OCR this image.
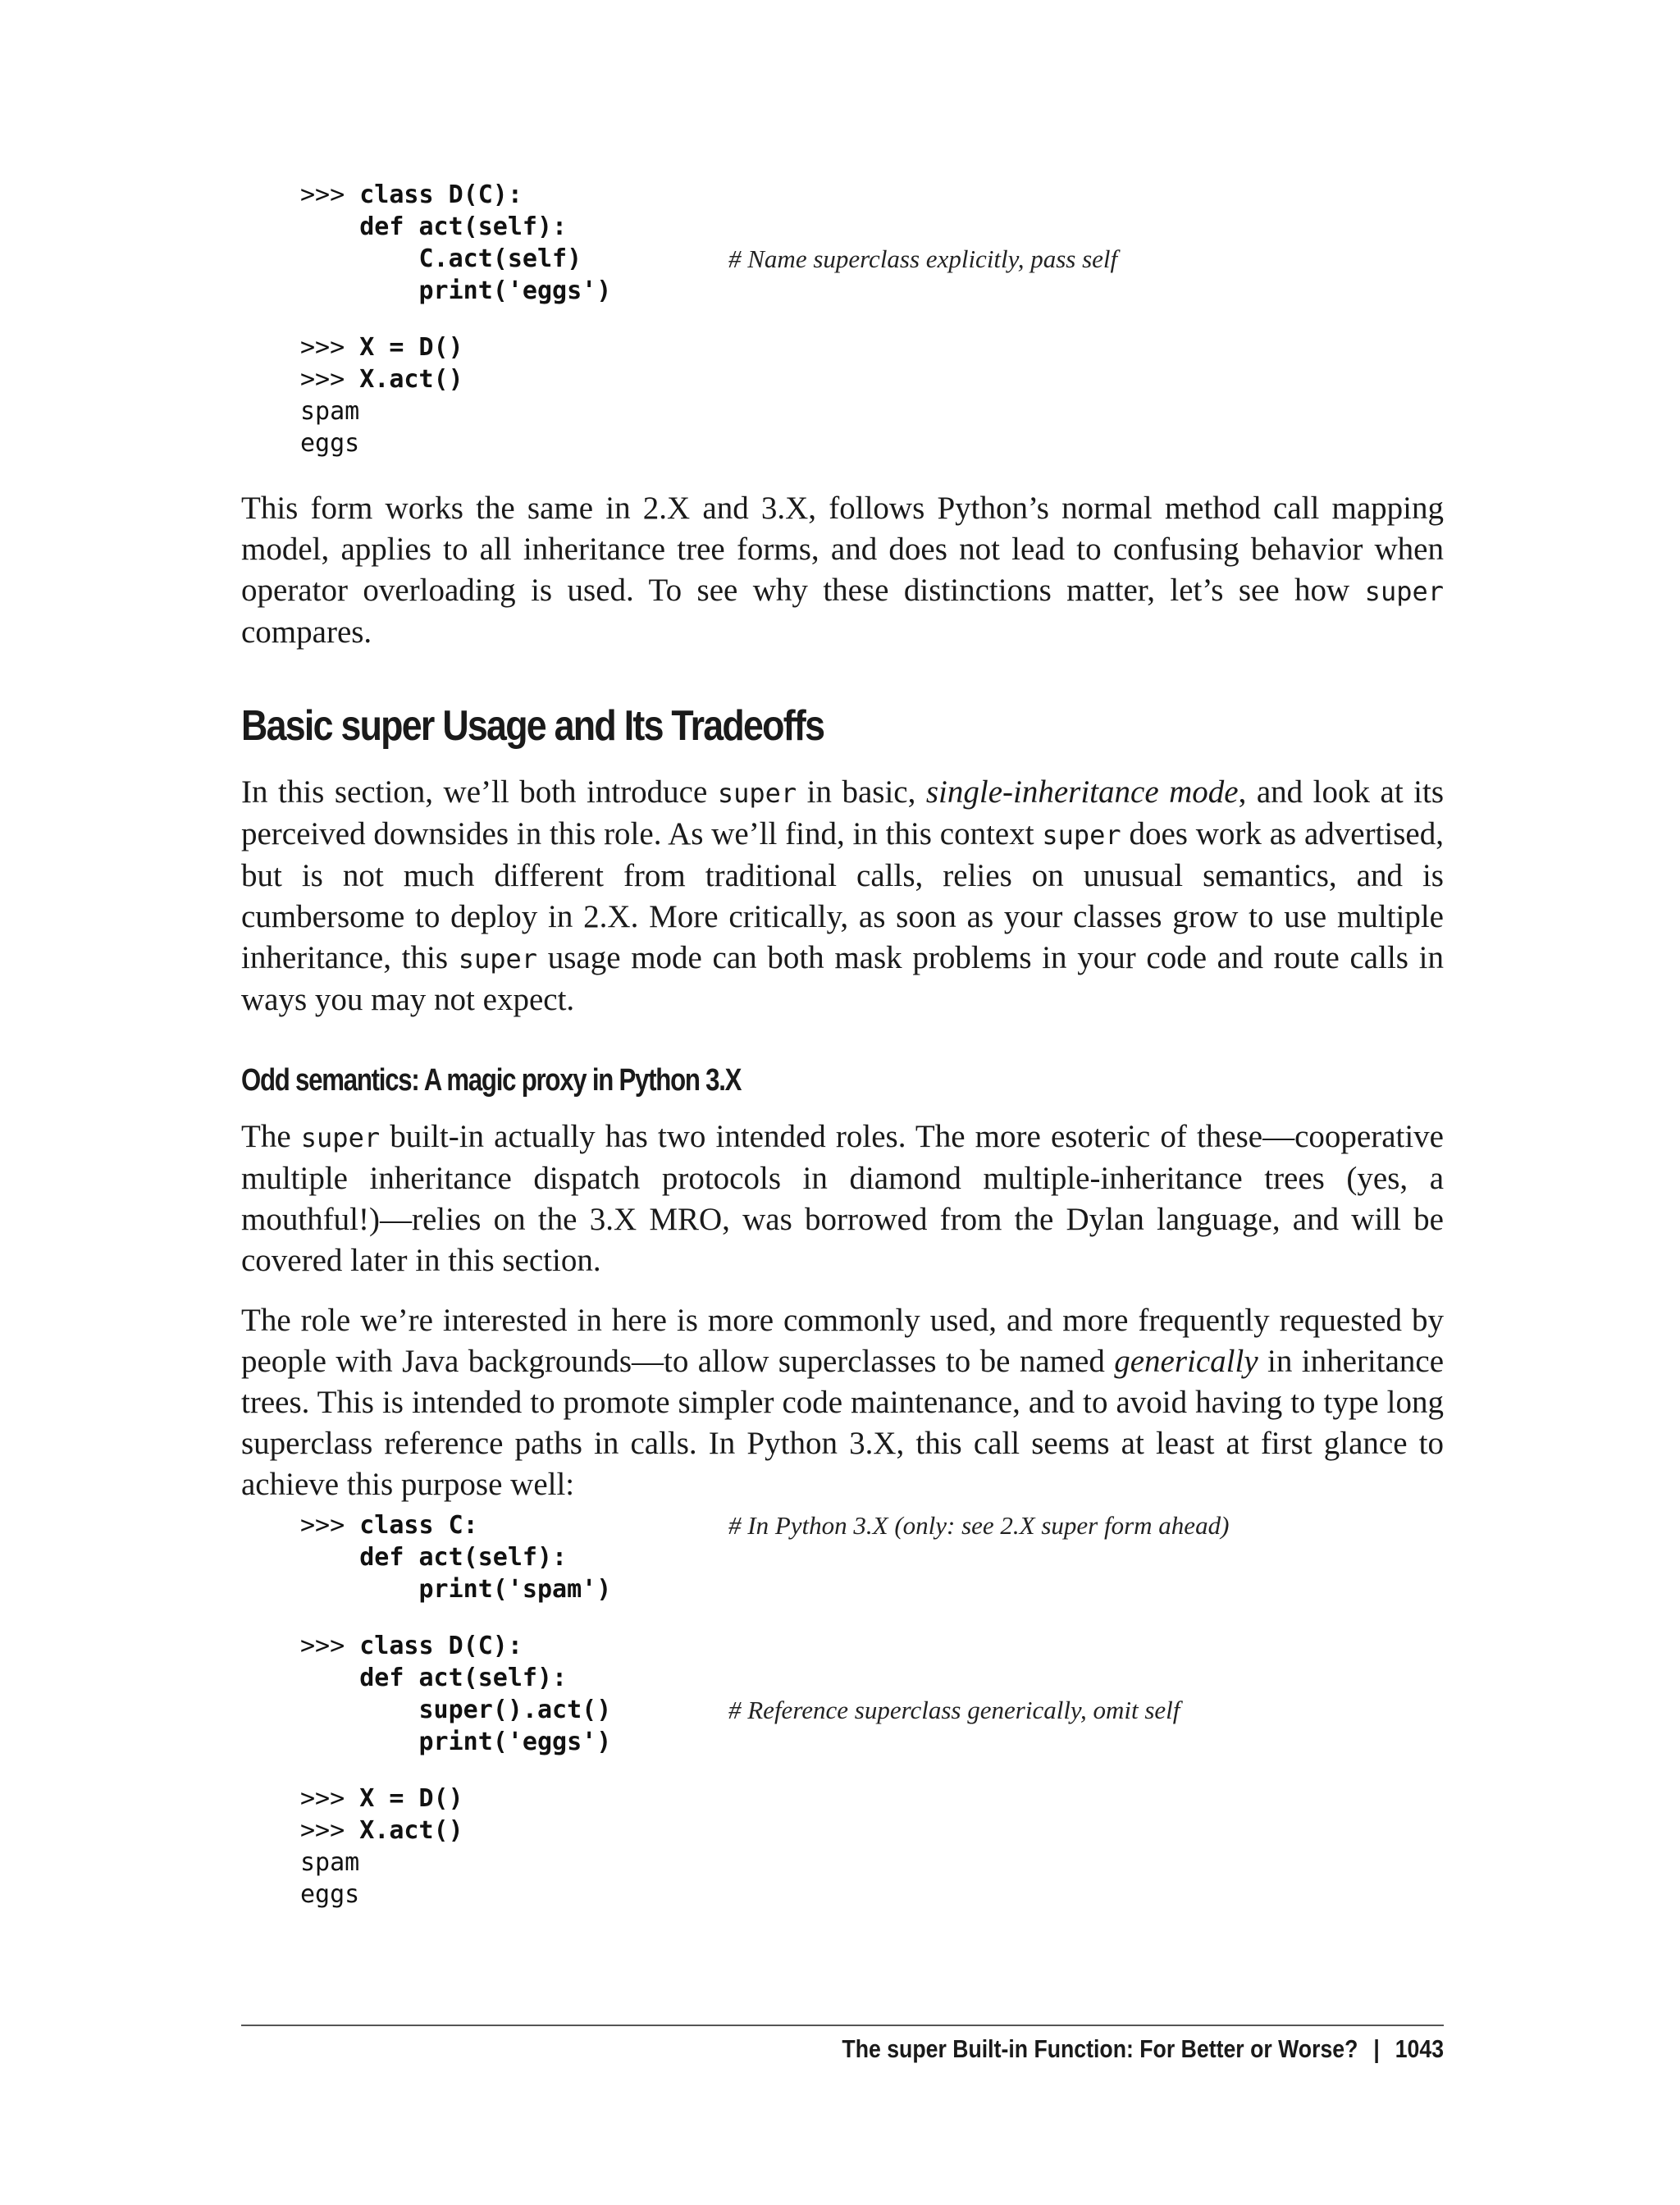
>>> class D(C):
def act(self):
C.act(self)	# Name superclass explicitly, pass self
print('eggs')
>>> X = D()
>>> X.act()
spam
eggs

This form works the same in 2.X and 3.X, follows Python’s normal method call mapping model, applies to all inheritance tree forms, and does not lead to confusing behavior when operator overloading is used. To see why these distinctions matter, let’s see how super compares.

Basic super Usage and Its Tradeoffs

In this section, we’ll both introduce super in basic, single-inheritance mode, and look at its perceived downsides in this role. As we’ll find, in this context super does work as advertised, but is not much different from traditional calls, relies on unusual semantics, and is cumbersome to deploy in 2.X. More critically, as soon as your classes grow to use multiple inheritance, this super usage mode can both mask problems in your code and route calls in ways you may not expect.

Odd semantics: A magic proxy in Python 3.X

The super built-in actually has two intended roles. The more esoteric of these—cooperative multiple inheritance dispatch protocols in diamond multiple-inheritance trees (yes, a mouthful!)—relies on the 3.X MRO, was borrowed from the Dylan language, and will be covered later in this section.

The role we’re interested in here is more commonly used, and more frequently requested by people with Java backgrounds—to allow superclasses to be named generically in inheritance trees. This is intended to promote simpler code maintenance, and to avoid having to type long superclass reference paths in calls. In Python 3.X, this call seems at least at first glance to achieve this purpose well:

>>> class C:	# In Python 3.X (only: see 2.X super form ahead)
def act(self):
print('spam')
>>> class D(C):
def act(self):
super().act()	# Reference superclass generically, omit self
print('eggs')
>>> X = D()
>>> X.act()
spam
eggs
The super Built-in Function: For Better or Worse? | 1043
